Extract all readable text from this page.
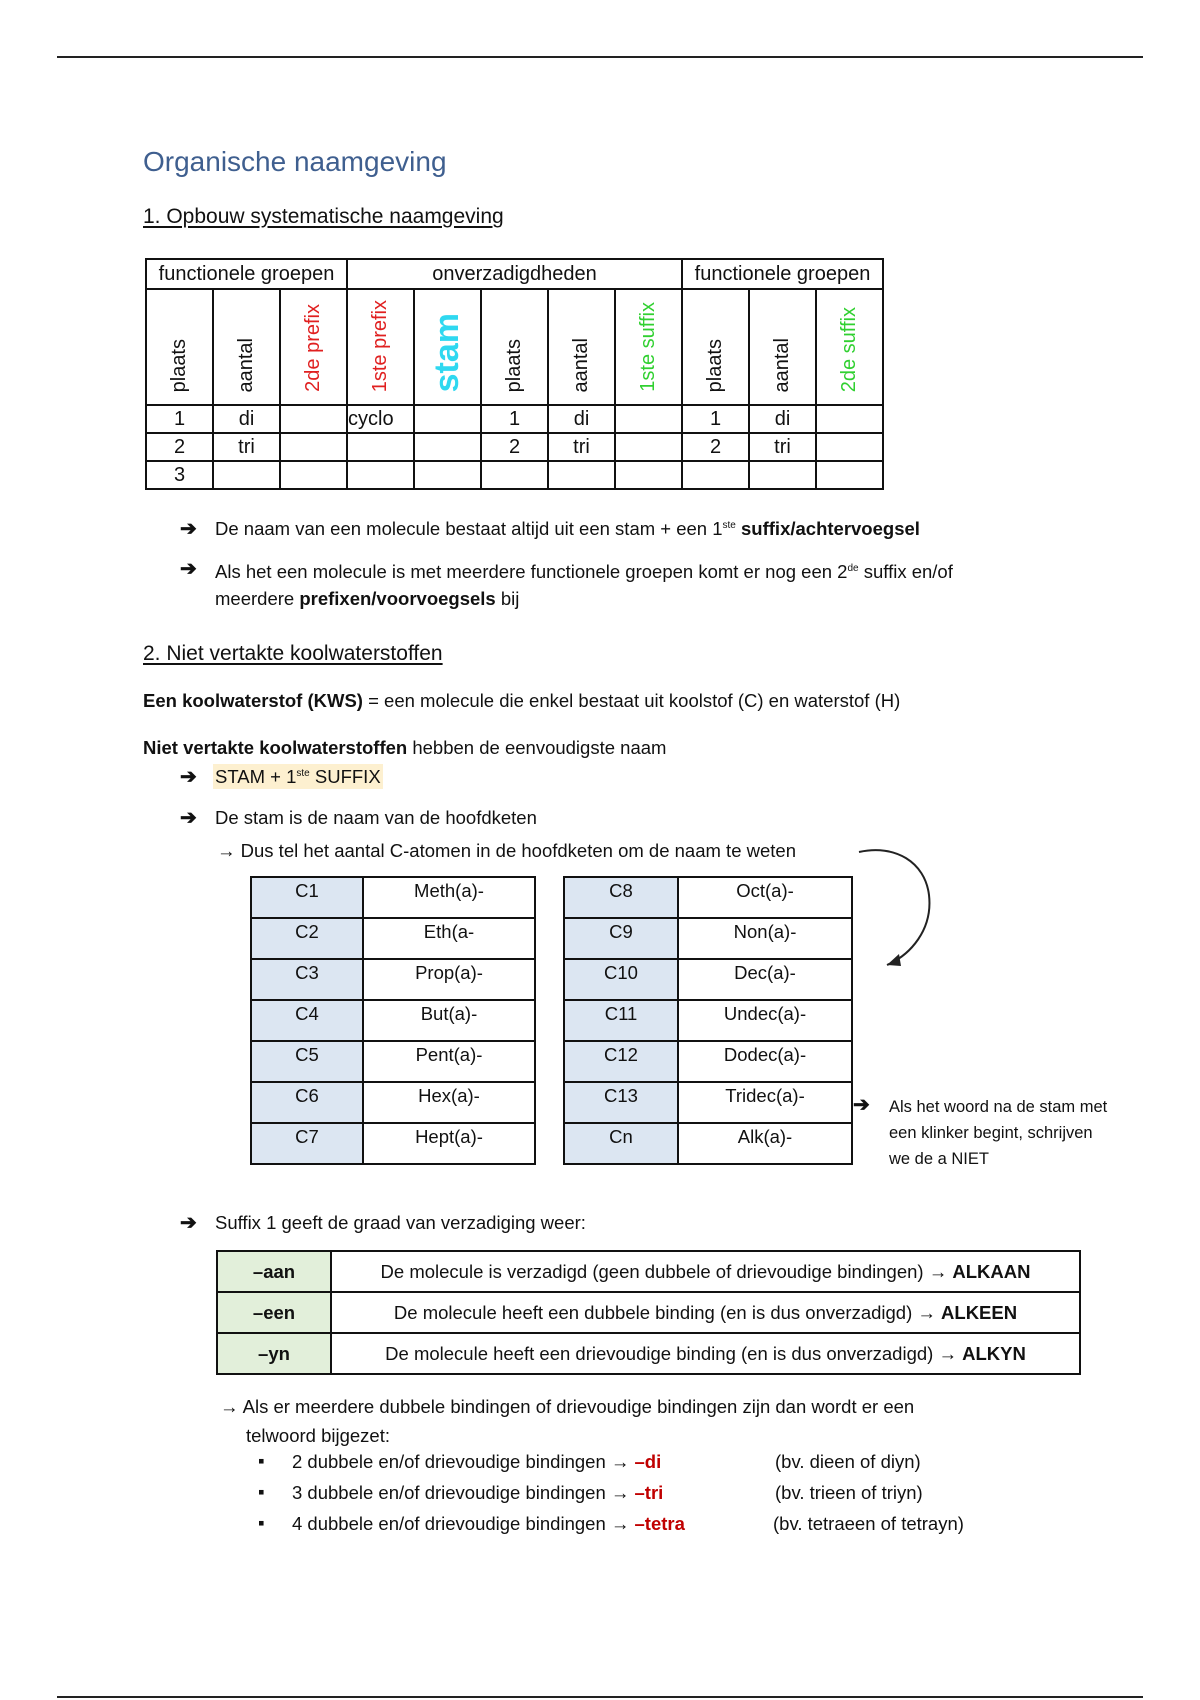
Organische naamgeving
1. Opbouw systematische naamgeving
functionele groepen			onverzadigdheden					functionele groepen		
plaats	aantal	2de prefix	1ste prefix	stam	plaats	aantal	1ste suffix	plaats	aantal	2de suffix
1	di		cyclo		1	di		1	di	
2	tri				2	tri		2	tri	
3										
➔ De naam van een molecule bestaat altijd uit een stam + een 1ste suffix/achtervoegsel
➔ Als het een molecule is met meerdere functionele groepen komt er nog een 2de suffix en/of
meerdere prefixen/voorvoegsels bij
2. Niet vertakte koolwaterstoffen
Een koolwaterstof (KWS) = een molecule die enkel bestaat uit koolstof (C) en waterstof (H)
Niet vertakte koolwaterstoffen hebben de eenvoudigste naam
➔ STAM + 1ste SUFFIX
➔ De stam is de naam van de hoofdketen
→ Dus tel het aantal C-atomen in de hoofdketen om de naam te weten
C1	Meth(a)-
C2	Eth(a-
C3	Prop(a)-
C4	But(a)-
C5	Pent(a)-
C6	Hex(a)-
C7	Hept(a)-
C8	Oct(a)-
C9	Non(a)-
C10	Dec(a)-
C11	Undec(a)-
C12	Dodec(a)-
C13	Tridec(a)-
Cn	Alk(a)-
➔ Als het woord na de stam met
een klinker begint, schrijven
we de a NIET
➔ Suffix 1 geeft de graad van verzadiging weer:
–aan	De molecule is verzadigd (geen dubbele of drievoudige bindingen) → ALKAAN
–een	De molecule heeft een dubbele binding (en is dus onverzadigd) → ALKEEN
–yn	De molecule heeft een drievoudige binding (en is dus onverzadigd) → ALKYN
→ Als er meerdere dubbele bindingen of drievoudige bindingen zijn dan wordt er een
telwoord bijgezet:
▪ 2 dubbele en/of drievoudige bindingen → –di	(bv. dieen of diyn)
▪ 3 dubbele en/of drievoudige bindingen → –tri	(bv. trieen of triyn)
▪ 4 dubbele en/of drievoudige bindingen → –tetra	(bv. tetraeen of tetrayn)
